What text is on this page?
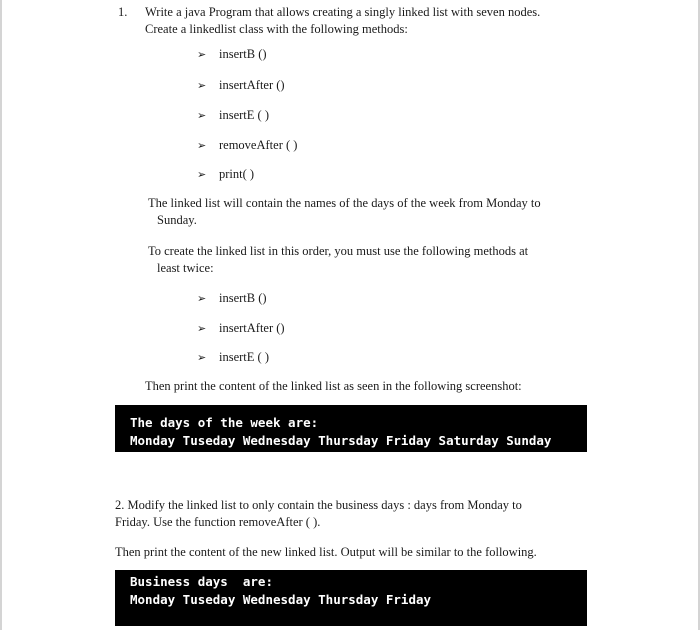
1. Write a java Program that allows creating a singly linked list with seven nodes.
Create a linkedlist class with the following methods:
➢ insertB ()
➢ insertAfter ()
➢ insertE ( )
➢ removeAfter ( )
➢ print( )
The linked list will contain the names of the days of the week from Monday to
Sunday.
To create the linked list in this order, you must use the following methods at
least twice:
➢ insertB ()
➢ insertAfter ()
➢ insertE ( )
Then print the content of the linked list as seen in the following screenshot:
The days of the week are:
Monday Tuseday Wednesday Thursday Friday Saturday Sunday
2. Modify the linked list to only contain the business days : days from Monday to
Friday. Use the function removeAfter ( ).
Then print the content of the new linked list. Output will be similar to the following.
Business days  are:
Monday Tuseday Wednesday Thursday Friday
